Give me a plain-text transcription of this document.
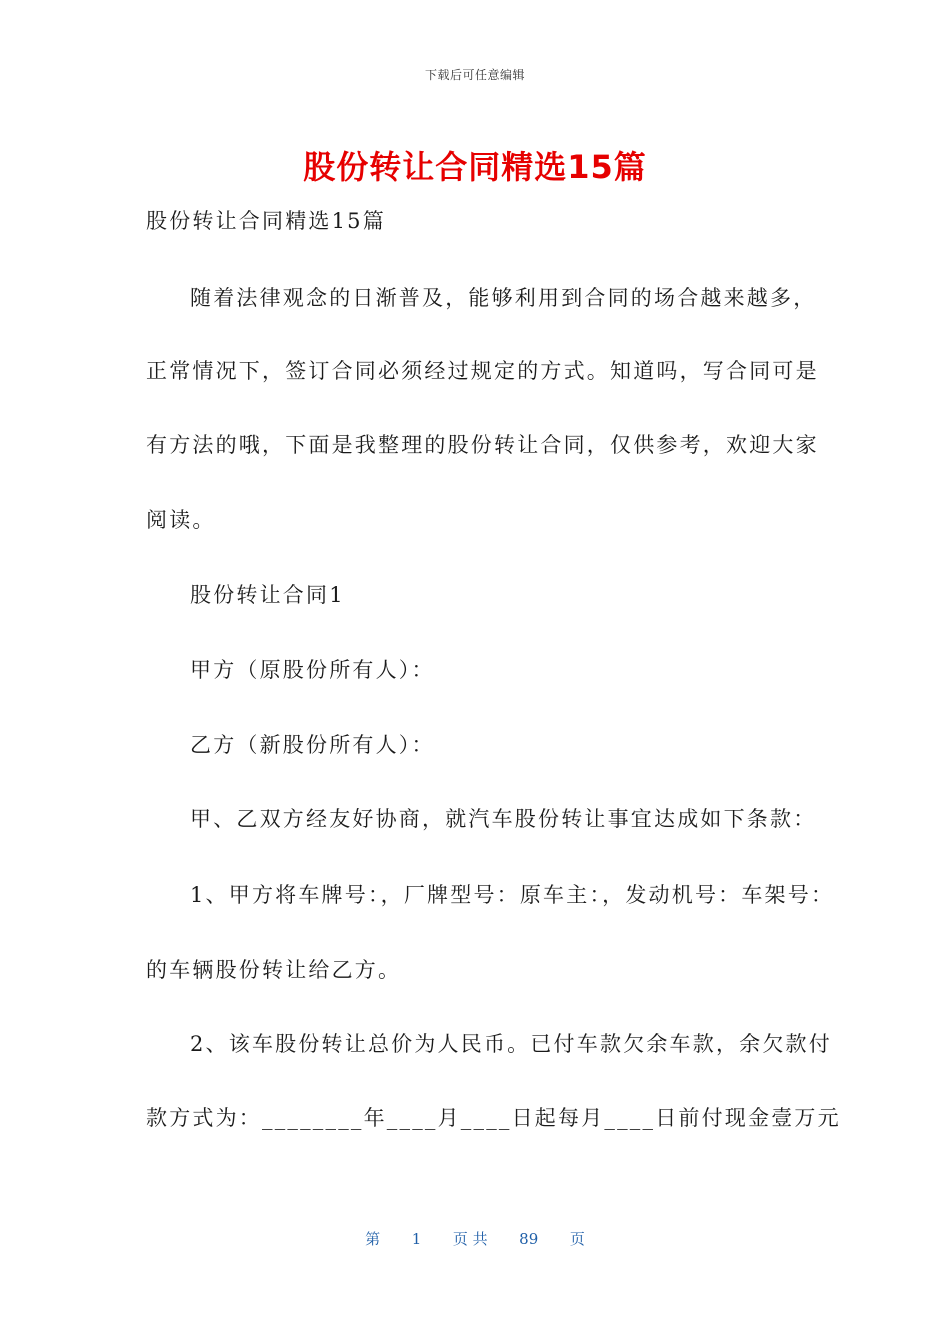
下载后可任意编辑
股份转让合同精选15篇
股份转让合同精选15篇
随着法律观念的日渐普及，能够利用到合同的场合越来越多，
正常情况下，签订合同必须经过规定的方式。知道吗，写合同可是
有方法的哦，下面是我整理的股份转让合同，仅供参考，欢迎大家
阅读。
股份转让合同1
甲方（原股份所有人）：
乙方（新股份所有人）：
甲、乙双方经友好协商，就汽车股份转让事宜达成如下条款：
1、甲方将车牌号：，厂牌型号：原车主：，发动机号：车架号：
的车辆股份转让给乙方。
2、该车股份转让总价为人民币。已付车款欠余车款，余欠款付
款方式为：________年____月____日起每月____日前付现金壹万元
第 1 页 共 89 页
